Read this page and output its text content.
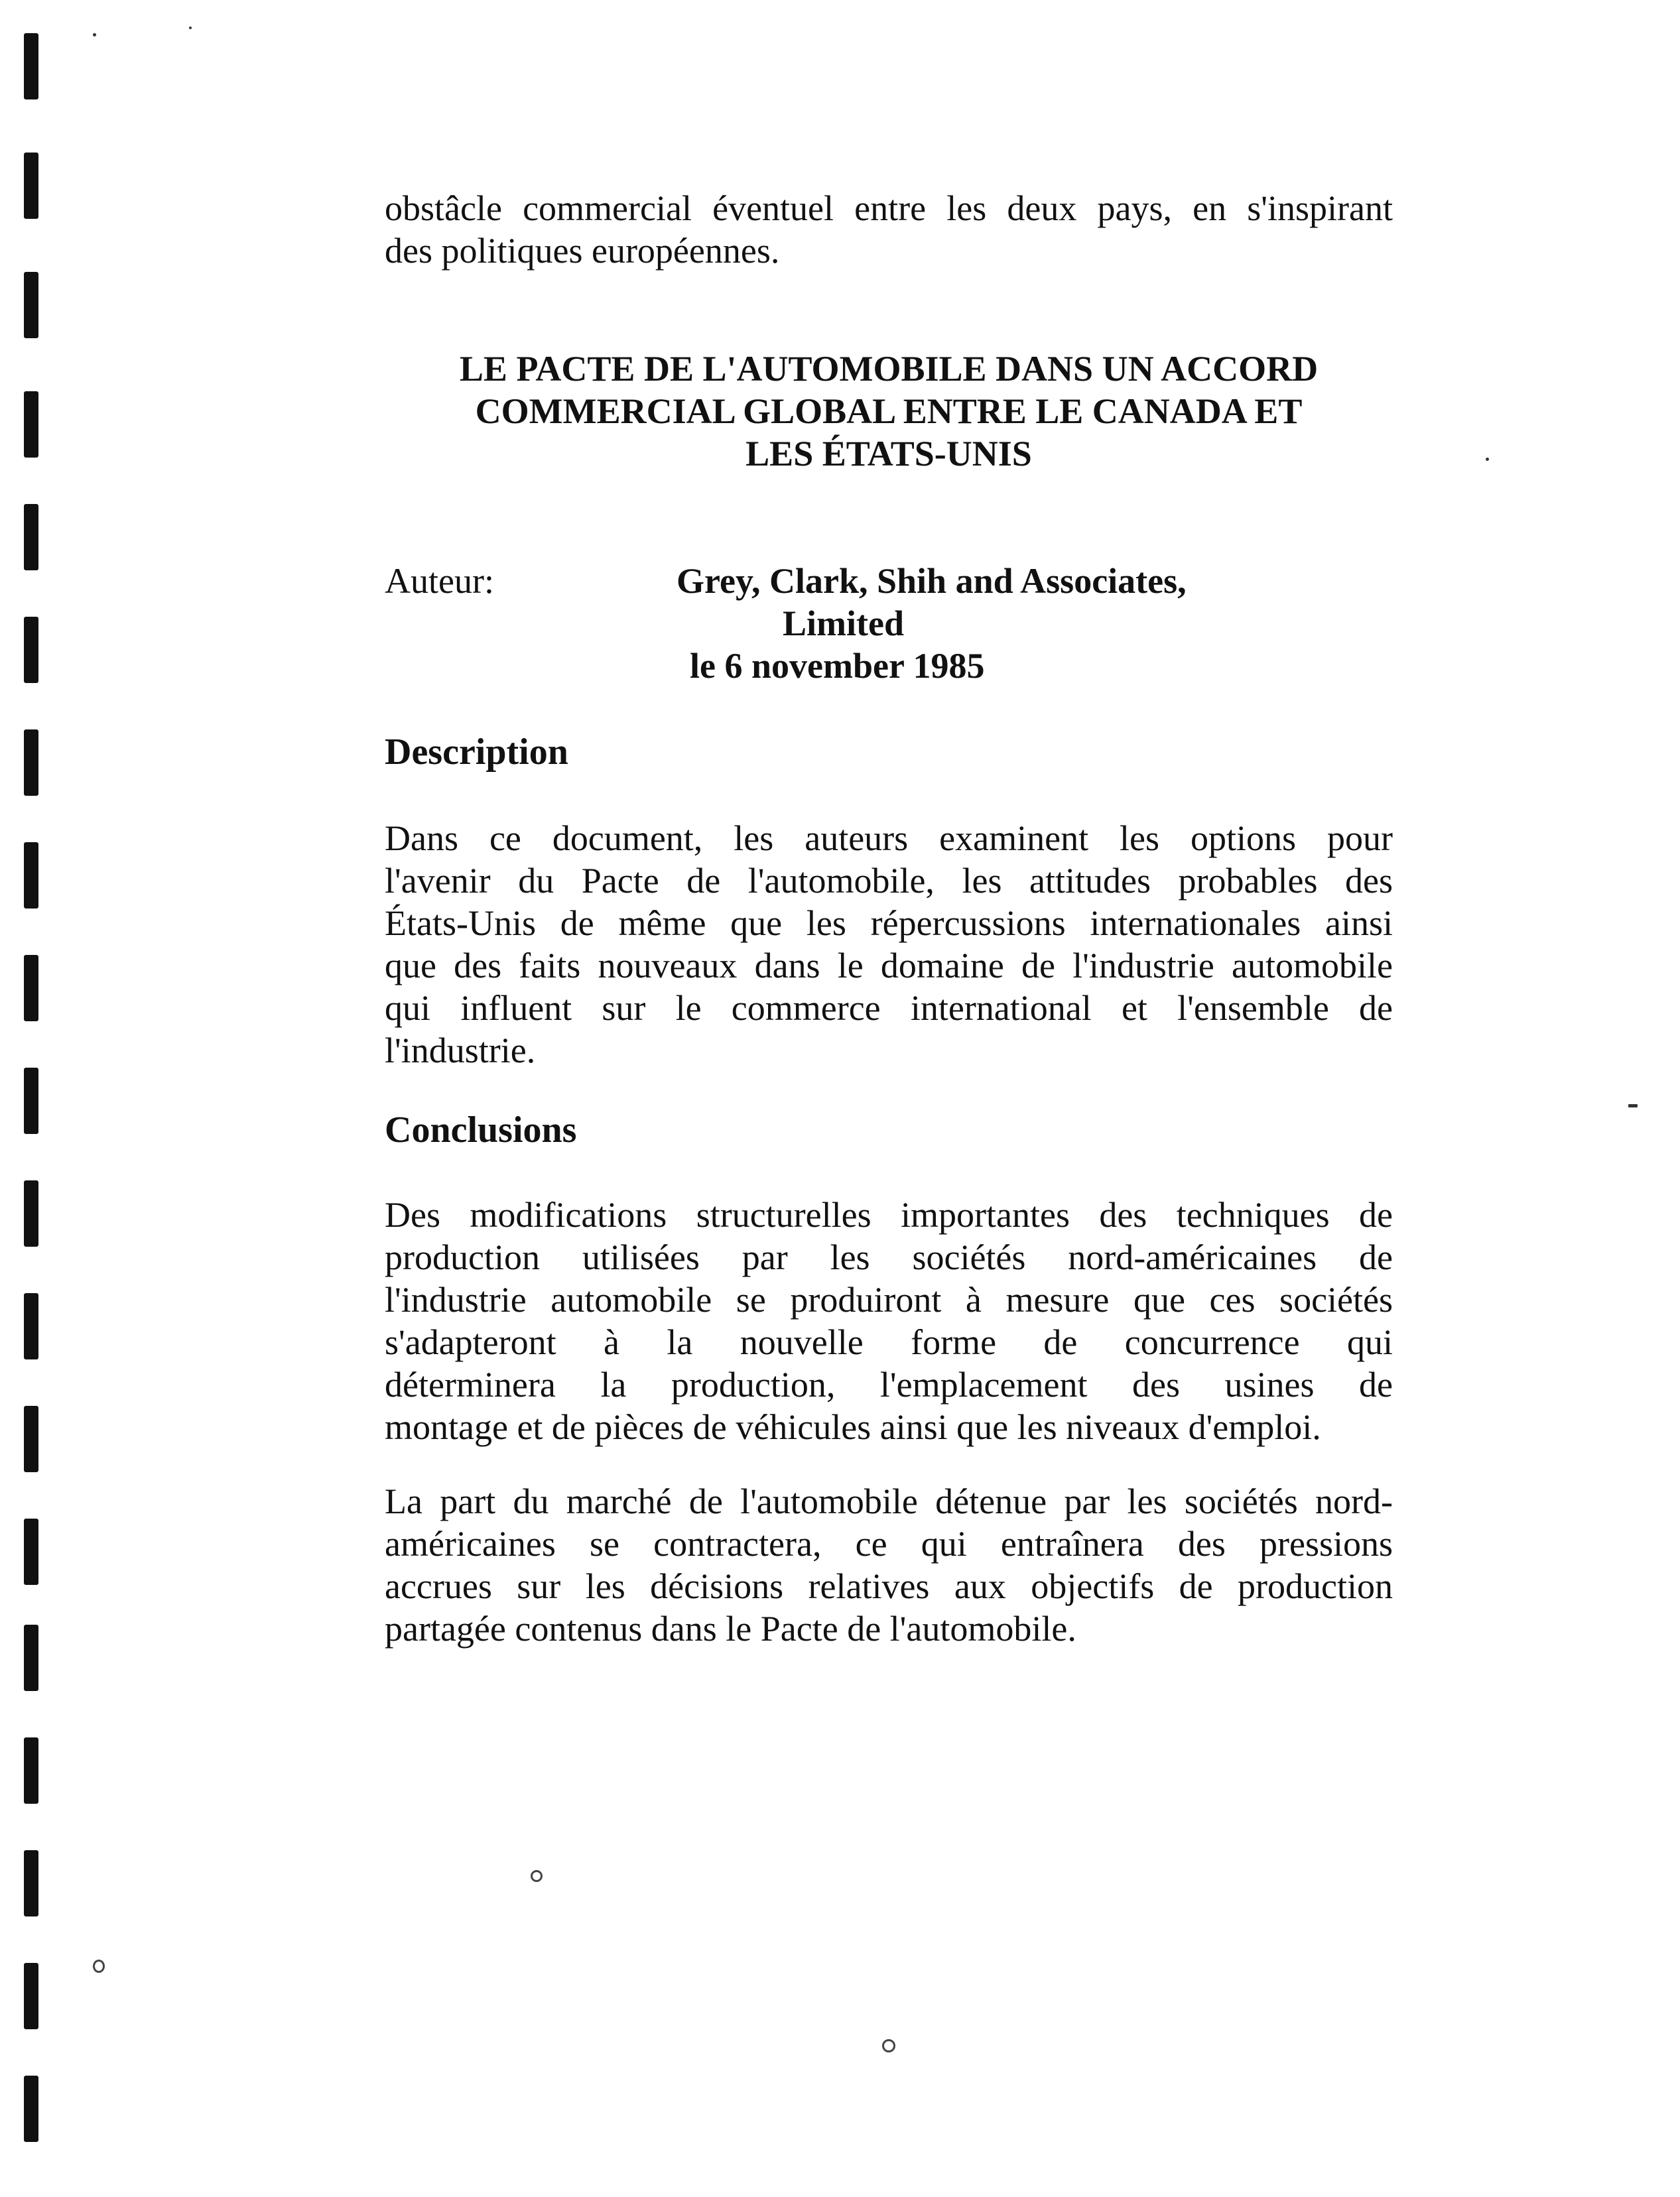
obstâcle commercial éventuel entre les deux pays, en s'inspirant
des politiques européennes.

LE PACTE DE L'AUTOMOBILE DANS UN ACCORD
COMMERCIAL GLOBAL ENTRE LE CANADA ET
LES ÉTATS-UNIS
Auteur:	Grey, Clark, Shih and Associates,
Limited
le 6 november 1985
Description

Dans ce document, les auteurs examinent les options pour
l'avenir du Pacte de l'automobile, les attitudes probables des
États-Unis de même que les répercussions internationales ainsi
que des faits nouveaux dans le domaine de l'industrie automobile
qui influent sur le commerce international et l'ensemble de
l'industrie.

Conclusions

Des modifications structurelles importantes des techniques de
production utilisées par les sociétés nord-américaines de
l'industrie automobile se produiront à mesure que ces sociétés
s'adapteront à la nouvelle forme de concurrence qui
déterminera la production, l'emplacement des usines de
montage et de pièces de véhicules ainsi que les niveaux d'emploi.

La part du marché de l'automobile détenue par les sociétés nord-
américaines se contractera, ce qui entraînera des pressions
accrues sur les décisions relatives aux objectifs de production
partagée contenus dans le Pacte de l'automobile.
